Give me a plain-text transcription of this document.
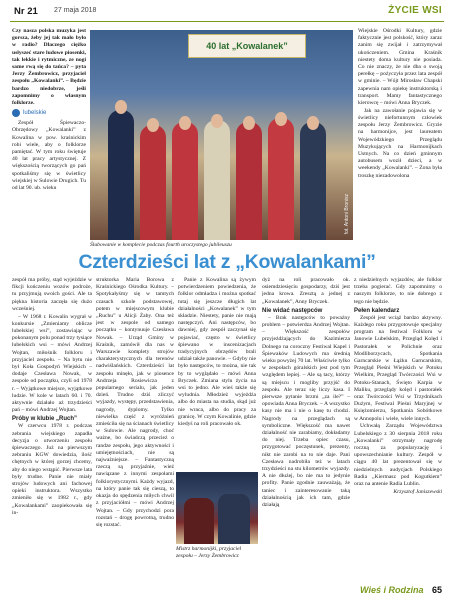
Nr 21 27 maja 2018	ŻYCIE WSI

Czy nasza polska muzyka jest gorsza, żeby jej tak mało było w radio? Dlaczego ciężko usłyszeć stare ludowe piosenki, tak lekkie i rytmiczne, ze nogi same rwą się do tańca? – pyta Jerzy Żembrowicz, przyjaciel zespołu „Kowalanki”. – Będzie bardzo niedobrze, jeśli zapomnimy o własnym folklorze.

lubelskie

Zespół Śpiewaczo-Obrzędowy „Kowalanki” z Kowalina w pow. kraśnickim robi wiele, aby o folklorze pamiętać. W tym roku świętuje 40 lat pracy artystycznej. Z większością tworzących go pań spotkaliśmy się w świetlicy wiejskiej w Sulowie Drugich. Tu od lat 90. ub. wieku

40 lat „Kowalanek”
fot. Antoni Bronisz
Ślubowanie w komplecie podczas fourth uroczystego jubileuszu

Wiejskie Ośrodki Kultury, gdzie faktycznie jest polskość, który zaraz zanim się zwijał i zatrzymywał ukończeniem. Gmina Kraśnik niestety doma kultury nie posiada. Co nie znaczy, że nie dba o swoją perełkę – pożyczyła przez lata zespół w gminie. – Wójt Mirosław Chapski zapewnia nam opiekę instruktorską i transport. Mamy fantastycznego kierowcę – mówi Anna Bryczek.

Jak na zawołanie pojawia się w świetlicy niefortunnym człowiek zespołu Jerzy Żembrowicz. Gryzie na harmonijce, jest laureatem Wojewódzkiego Przeglądu Muzykujących na Harmonijkach Ustnych. Na co dzień gminnym autobusem woził dzieci, a w weekendy „Kowalanki”. – Żona była troszkę niezadowolona

Czterdzieści lat z „Kowalankami”

zespół ma próby, stąd wyjeździe w fikcji kończeniu wozów podroże, tu przyjmują swoich gości. Ale ta piękna historia zaczęła się dużo wcześniej.

– W 1968 r. Kowalin wygrał w konkursie „Zmieniamy oblicze lubelskiej wsi”, zostawiając w pokonanym polu ponad trzy tysiące lubelskich wsi – mówi Andrzej Wojtan, miłośnik folkloru i przyjaciel zespołu. – Na bytu nie był Koła Gospodyń Wiejskich – dodaje Czesława Nowak, w zespole od początku, czyli od 1978 r. – Wyjątkowe miejsce, wyjątkowe ludzie. W kole w latach 60. i 70. aktywnie działało aż trzydzieści pań – mówi Andrzej Wojtan.

Próby w klubie „Ruch”

W czerwcu 1978 r. podczas zebrania wiejskiego zapadła decyzja o utworzeniu zespołu śpiewaczego. Już na pierwszym zebraniu KGW dowiedzia, ilość chętnych w której gorzej chcemy, aby do niego wstąpić. Pierwsze lata były trudne. Panie nie miały strojów ludowych ani fachowej opieki instruktora. Wszystko zmieniło się w 1982 r., gdy „Kowalankami” zaopiekowała się in-

struktorka Maria Borowa z Kraśnickiego Ośrodka Kultury. – Spotykałyśmy się w tamtych czasach szkole podstawowej, potem w miejscowym klubie „Ruchu” u Alicji Żaby. Ona też jest w zespole od samego początku – kontynuuje Czesława Nowak. – Urząd Gminy w Kraśnik, zamówił dla nas w Warszawie komplety strojów charakterystycznych dla terenów nadwiślańskich. Czterdzieści lat zespołu minęło, jak w piosence Andrzeja Rosiewicza z popularnego serialu, jak jeden dzień. Trudno dziś zliczyć wyjazdy, występy, przedstawienia, nagrody, dyplomy. Tylko niewielka część z wyróżnień zmieściła się na ścianach świetlicy w Sulowie. Ale nagrody, choć ważne, bo świadczą przecież o randze zespołu, jego aktywności i umiejętnościach, nie są najważniejsze. – Fantastyczną rzeczą są przyjaźnie, wieź nawiązane z innymi zespołami folklorystycznymi. Każdy wyjazd, na który panie tak się cieszą, to okazja do spędzenia miłych chwil z przyjaciółmi – mówi Andrzej Wojtan. – Gdy przychodzi pora rozstań – drogę powrotną, trudno się rozstać.

Panie z Kowalina są żywym potwierdzeniem powiedzenia, że folklor odmładza i można spotkać tutaj się jeszcze długich lat działalności „Kowalanek” w tym składzie. Niestety, panie nie mają następczyń. Ani następców, bo dawniej, gdy zespół zaczynał się pojawiać, często w świetlicy śpiewano w inscenizacjach tradycyjnych obrzędów brali udział także panowie. – Gdyby nie było następców, to można, nie tak by to wyglądało – mówi Anna Bryczek. Zmiana stylu życia na wsi to jedno. Ale wieś także się wyludnia. Młodzież wyjeżdża albo do miasta na studia, skąd już nie wraca, albo do pracy za granicę. W czym Kowalinie, gdzie kiedyś na roli pracowało ok.

Mistrz harmonijki, przyjaciel zespołu – Jerzy Żembrowicz

dyż na roli pracowało ok. osiemdziesięciu gospodarzy, dziś jest jedna krowa. Zresztą a jednej z „Kowalanek”, Anny Bryczek.

Nie widać następców

– Brak następców to poważny problem – potwierdza Andrzej Wojtan. – Większość zespołów przyjeżdżających do Kazimierza Dolnego na coroczny Festiwal Kapel i Śpiewaków Ludowych ma średnią wieku powyżej 70 lat. Właściwie tylko w zespołach góralskich jest pod tym względem lepiej. – Ale są tacy, którzy są miejscu i mogliby przyjść do zespołu. Ale teraz się liczy kasa. I pierwsze pytanie brzmi „za ile?” – opowiada Anna Bryczek. – A wszystko kasy nie ma i nie o kasę tu chodzi. Nagrody na przeglądach są symboliczne. Większość ma nawet działalność nie zarabiamy, dokładamy do niej. Trzeba opiec czasu, przygotować poczęstunek, prezenty, nikt nie zarobi na to nie daje. Pani Czesława nadrobiła też w latach trzydzieści na stu kilometrów wyjazdy. A nie dłużej, bo nie ma to jedynie profity. Panie zgodnie zauważają, że taniec i zainteresowanie taką działalnością jak ich tam, gdzie działają

z niedzielnych wyjazdów, ale folklor trzeba pogierać. Gdy zapomnimy o naszym folklorze, to nie dobrego z tego nie będzie.

Pełen kalendarz

Zespół jest wciąż bardzo aktywny. Każdego roku przygotowuje specjalny program na festiwal Folkloru w Janowie Lubelskim, Przegląd Kolęd i Pastorałek w Polichnie oraz Modliborzycach, Spotkania Garncarskie w Łążku Garncarskim, Przegląd Pieśni Wiejskich w Potoku Wielkim, Przegląd Twórczości Wsi w Potoku-Stanach, Święto Karpia w Maliku, przeglądy kolęd i pastorałek oraz Twórczości Wsi w Trzydnikach Dużym, Festiwal Pieśni Maryjnej w Księżomierzu, Spotkania Sobótkowe w Annopolu i wiele, wiele innych.

Uchwałą Zarządu Województwa Lubelskiego z 30 sierpnia 2018 roku „Kowalanki” otrzymały nagrodę roczną za popularyzację i upowszechnianie kultury. Zespół w ciągu 40 lat prezentował się w niedzielnych audycjach Polskiego Radia „Kiermasz pod Kogutkiem” oraz na antenie Radia Lublin.

Krzysztof Janiszewski

Wieś i Rodzina 65
